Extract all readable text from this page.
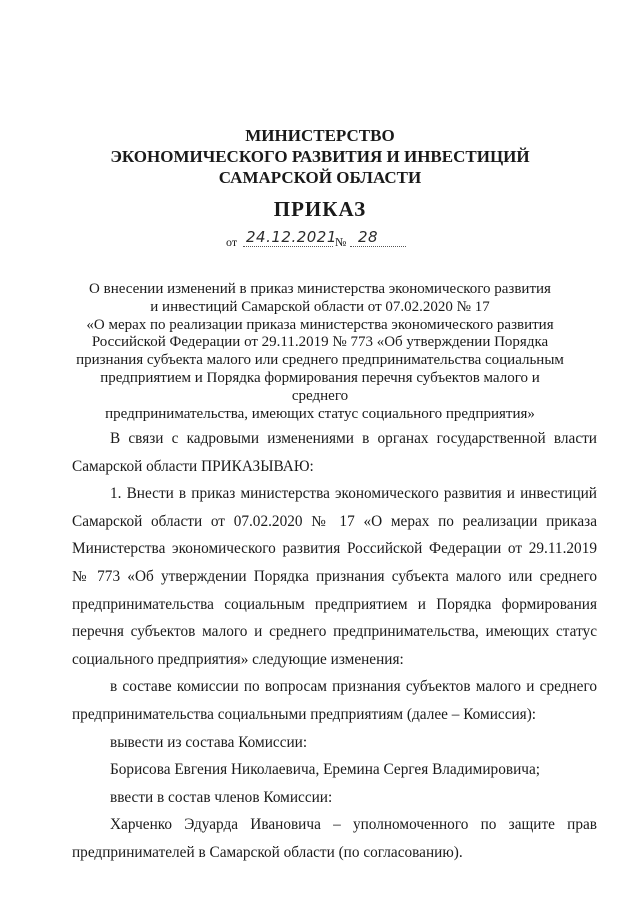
МИНИСТЕРСТВО
ЭКОНОМИЧЕСКОГО РАЗВИТИЯ И ИНВЕСТИЦИЙ
САМАРСКОЙ ОБЛАСТИ
ПРИКАЗ
от 24.12.2021
№ 28
О внесении изменений в приказ министерства экономического развития
и инвестиций Самарской области от 07.02.2020 № 17
«О мерах по реализации приказа министерства экономического развития
Российской Федерации от 29.11.2019 № 773 «Об утверждении Порядка
признания субъекта малого или среднего предпринимательства социальным
предприятием и Порядка формирования перечня субъектов малого и среднего
предпринимательства, имеющих статус социального предприятия»

В связи с кадровыми изменениями в органах государственной власти Самарской области ПРИКАЗЫВАЮ:

1. Внести в приказ министерства экономического развития и инвестиций Самарской области от 07.02.2020 № 17 «О мерах по реализации приказа Министерства экономического развития Российской Федерации от 29.11.2019 № 773 «Об утверждении Порядка признания субъекта малого или среднего предпринимательства социальным предприятием и Порядка формирования перечня субъектов малого и среднего предпринимательства, имеющих статус социального предприятия» следующие изменения:

в составе комиссии по вопросам признания субъектов малого и среднего предпринимательства социальными предприятиям (далее – Комиссия):

вывести из состава Комиссии:

Борисова Евгения Николаевича, Еремина Сергея Владимировича;

ввести в состав членов Комиссии:

Харченко Эдуарда Ивановича – уполномоченного по защите прав предпринимателей в Самарской области (по согласованию).
